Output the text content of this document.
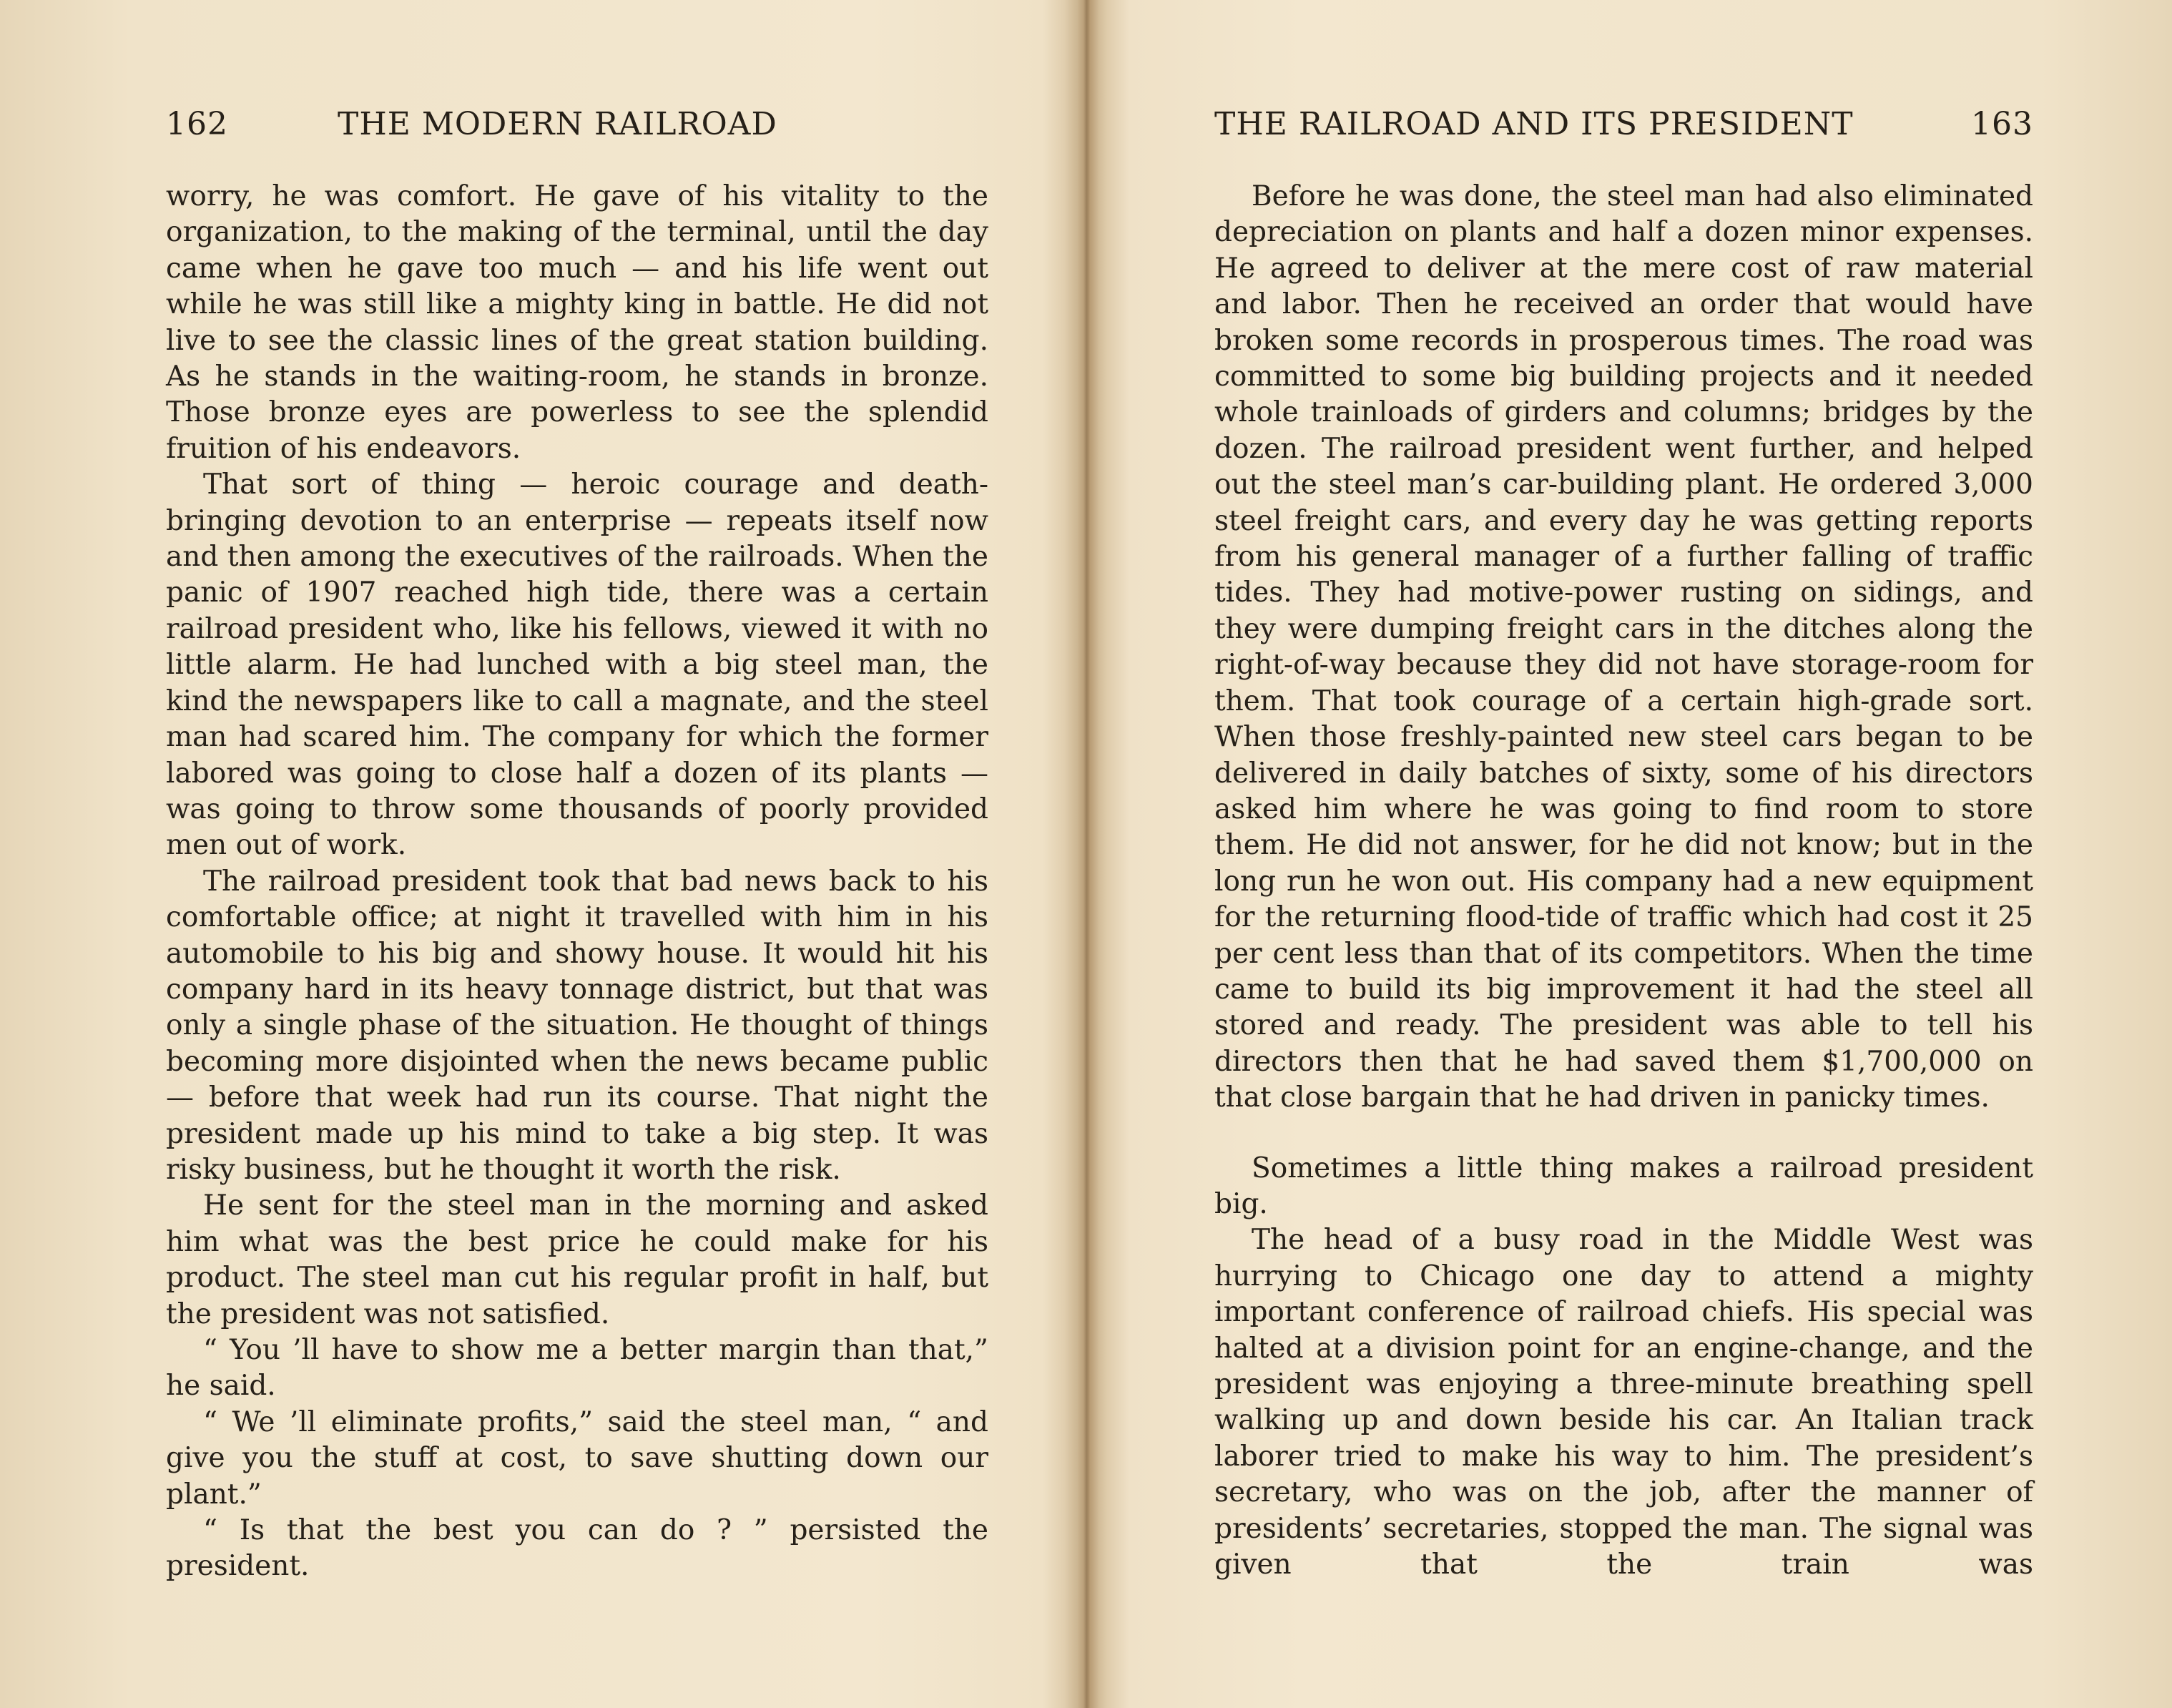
162	THE MODERN RAILROAD

worry, he was comfort. He gave of his vitality to the organization, to the making of the terminal, until the day came when he gave too much — and his life went out while he was still like a mighty king in battle. He did not live to see the classic lines of the great station building. As he stands in the waiting-room, he stands in bronze. Those bronze eyes are powerless to see the splendid fruition of his endeavors.

That sort of thing — heroic courage and death-bringing devotion to an enterprise — repeats itself now and then among the executives of the railroads. When the panic of 1907 reached high tide, there was a certain railroad president who, like his fellows, viewed it with no little alarm. He had lunched with a big steel man, the kind the newspapers like to call a magnate, and the steel man had scared him. The company for which the former labored was going to close half a dozen of its plants — was going to throw some thousands of poorly provided men out of work.

The railroad president took that bad news back to his comfortable office; at night it travelled with him in his automobile to his big and showy house. It would hit his company hard in its heavy tonnage district, but that was only a single phase of the situation. He thought of things becoming more disjointed when the news became public — before that week had run its course. That night the president made up his mind to take a big step. It was risky business, but he thought it worth the risk.

He sent for the steel man in the morning and asked him what was the best price he could make for his product. The steel man cut his regular profit in half, but the president was not satisfied.

“ You ’ll have to show me a better margin than that,” he said.

“ We ’ll eliminate profits,” said the steel man, “ and give you the stuff at cost, to save shutting down our plant.”

“ Is that the best you can do ? ” persisted the president.

THE RAILROAD AND ITS PRESIDENT	163

Before he was done, the steel man had also eliminated depreciation on plants and half a dozen minor expenses. He agreed to deliver at the mere cost of raw material and labor. Then he received an order that would have broken some records in prosperous times. The road was committed to some big building projects and it needed whole trainloads of girders and columns; bridges by the dozen. The railroad president went further, and helped out the steel man’s car-building plant. He ordered 3,000 steel freight cars, and every day he was getting reports from his general manager of a further falling of traffic tides. They had motive-power rusting on sidings, and they were dumping freight cars in the ditches along the right-of-way because they did not have storage-room for them. That took courage of a certain high-grade sort. When those freshly-painted new steel cars began to be delivered in daily batches of sixty, some of his directors asked him where he was going to find room to store them. He did not answer, for he did not know; but in the long run he won out. His company had a new equipment for the returning flood-tide of traffic which had cost it 25 per cent less than that of its competitors. When the time came to build its big improvement it had the steel all stored and ready. The president was able to tell his directors then that he had saved them $1,700,000 on that close bargain that he had driven in panicky times.

Sometimes a little thing makes a railroad president big.

The head of a busy road in the Middle West was hurrying to Chicago one day to attend a mighty important conference of railroad chiefs. His special was halted at a division point for an engine-change, and the president was enjoying a three-minute breathing spell walking up and down beside his car. An Italian track laborer tried to make his way to him. The president’s secretary, who was on the job, after the manner of presidents’ secretaries, stopped the man. The signal was given that the train was
